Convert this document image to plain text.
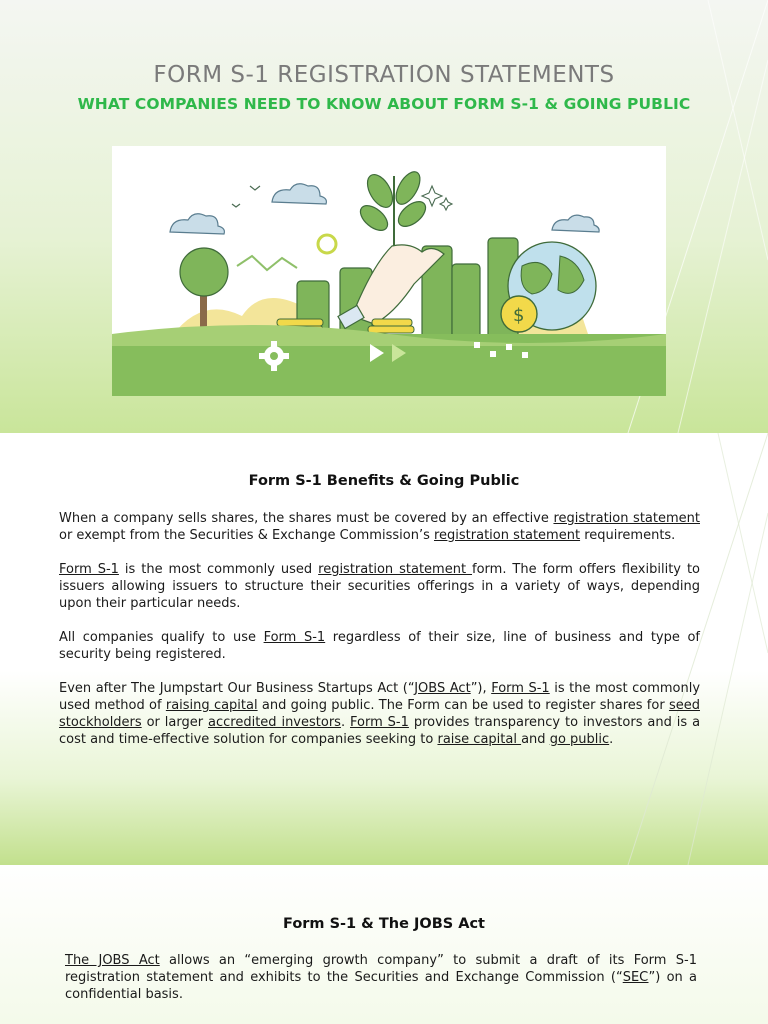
FORM S-1 REGISTRATION STATEMENTS
WHAT COMPANIES NEED TO KNOW ABOUT FORM S-1 & GOING PUBLIC
$
Form S-1 Benefits & Going Public

When a company sells shares, the shares must be covered by an effective registration statement or exempt from the Securities & Exchange Commission’s registration statement requirements.

Form S-1 is the most commonly used registration statement form. The form offers flexibility to issuers allowing issuers to structure their securities offerings in a variety of ways, depending upon their particular needs.

All companies qualify to use Form S-1 regardless of their size, line of business and type of security being registered.

Even after The Jumpstart Our Business Startups Act (“JOBS Act”), Form S-1 is the most commonly used method of raising capital and going public. The Form can be used to register shares for seed stockholders or larger accredited investors. Form S-1 provides transparency to investors and is a cost and time-effective solution for companies seeking to raise capital and go public.

Form S-1 & The JOBS Act

The JOBS Act allows an “emerging growth company” to submit a draft of its Form S-1 registration statement and exhibits to the Securities and Exchange Commission (“SEC”) on a confidential basis.
